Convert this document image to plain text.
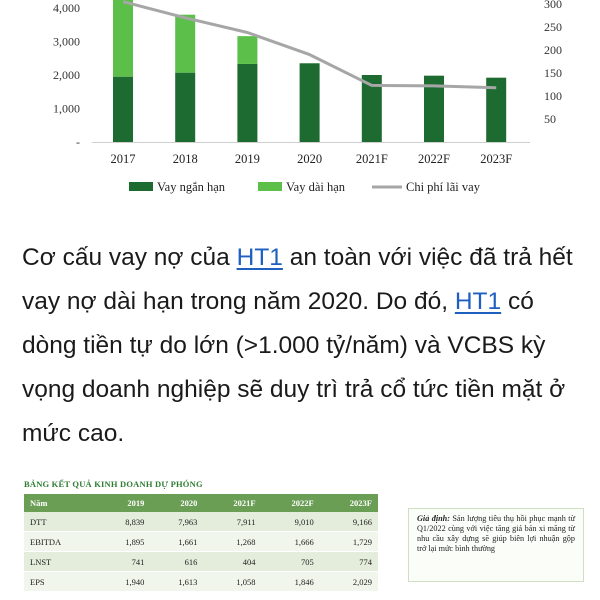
-
1,000
2,000
3,000
4,000
50
100
150
200
250
300
2017	2018	2019	2020	2021F 2022F 2023F
Vay ngắn hạn	Vay dài hạn	Chi phí lãi vay

Cơ cấu vay nợ của HT1 an toàn với việc đã trả hết vay nợ dài hạn trong năm 2020. Do đó, HT1 có dòng tiền tự do lớn (>1.000 tỷ/năm) và VCBS kỳ vọng doanh nghiệp sẽ duy trì trả cổ tức tiền mặt ở mức cao.

BẢNG KẾT QUẢ KINH DOANH DỰ PHÓNG
Năm	2019	2020	2021F	2022F	2023F
DTT	8,839	7,963	7,911	9,010	9,166
EBITDA	1,895	1,661	1,268	1,666	1,729
LNST	741	616	404	705	774
EPS	1,940	1,613	1,058	1,846	2,029
Giả định: Sản lượng tiêu thụ hồi phục mạnh từ Q1/2022 cùng với việc tăng giá bán xi măng từ nhu cầu xây dựng sẽ giúp biên lợi nhuận gộp trở lại mức bình thường
